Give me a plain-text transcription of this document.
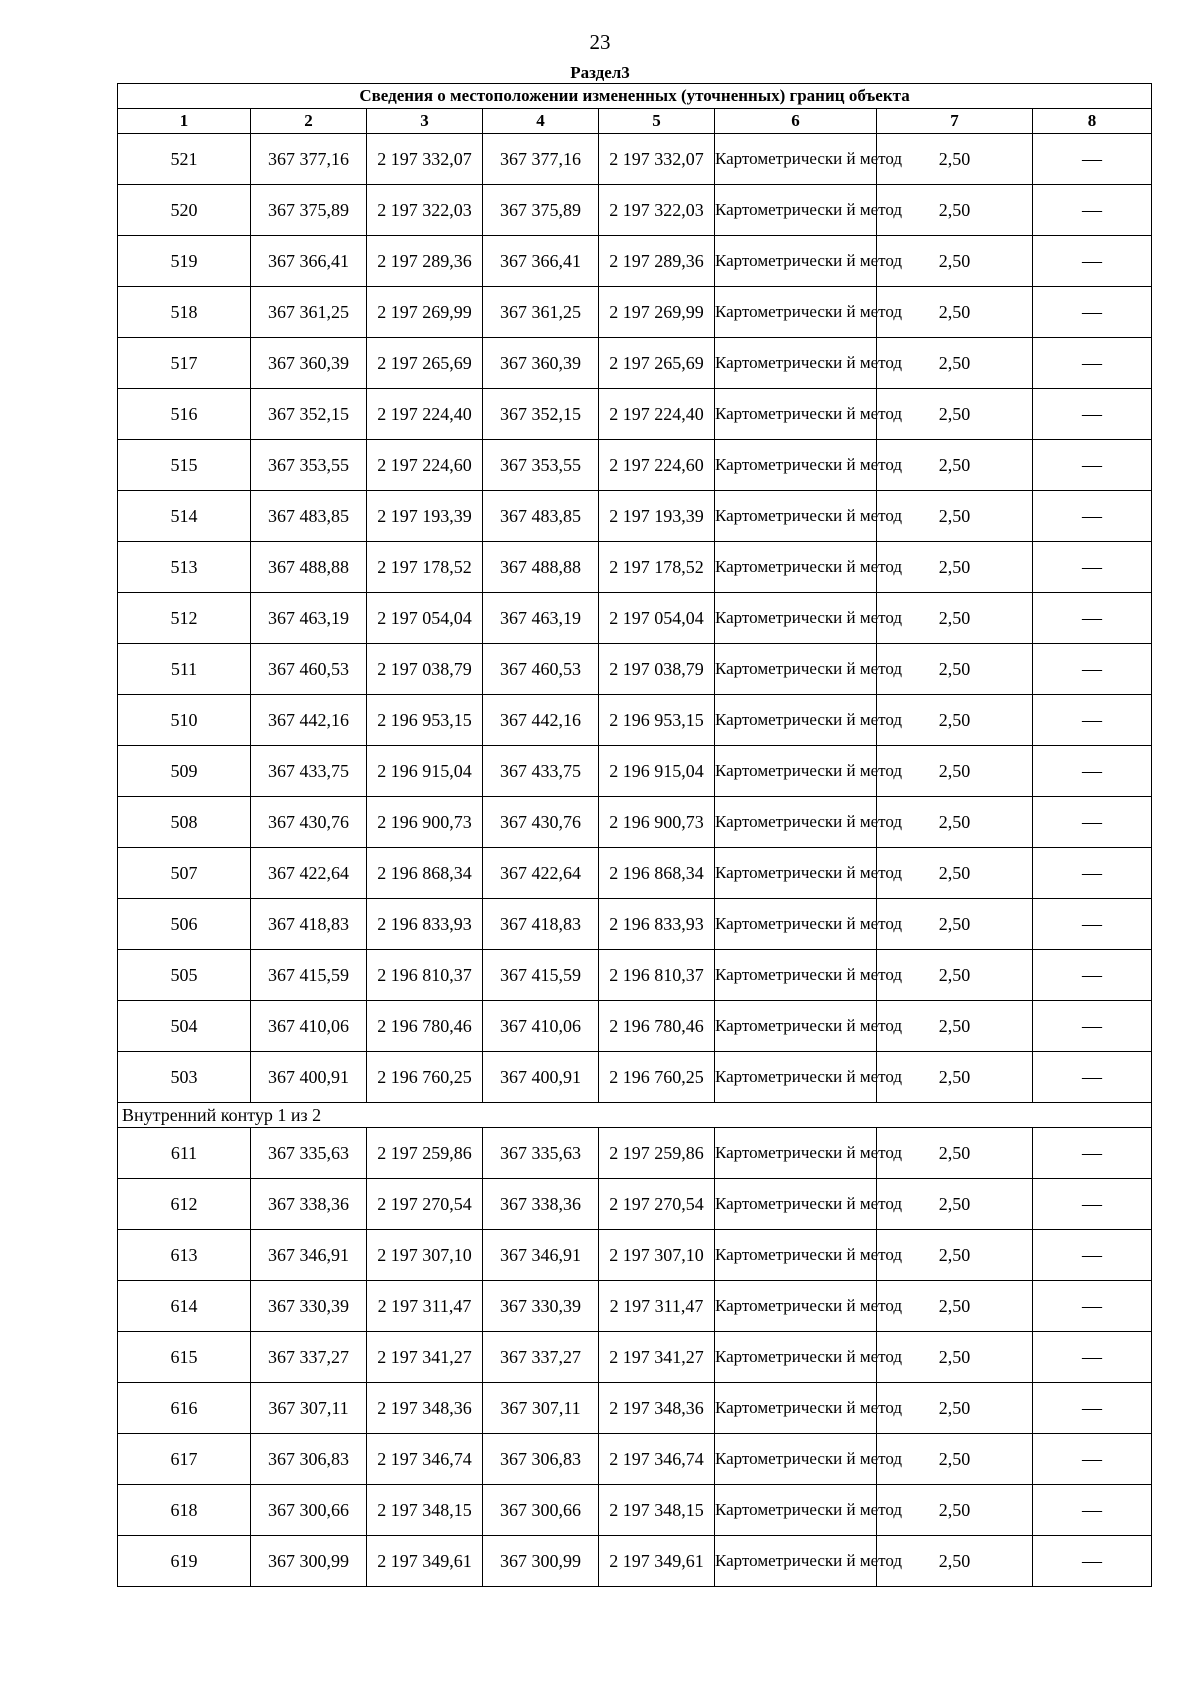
23
Раздел3
Сведения о местоположении измененных (уточненных) границ объекта							
1	2	3	4	5	6	7	8
521	367 377,16	2 197 332,07	367 377,16	2 197 332,07	Картометрически й метод	2,50	—
520	367 375,89	2 197 322,03	367 375,89	2 197 322,03	Картометрически й метод	2,50	—
519	367 366,41	2 197 289,36	367 366,41	2 197 289,36	Картометрически й метод	2,50	—
518	367 361,25	2 197 269,99	367 361,25	2 197 269,99	Картометрически й метод	2,50	—
517	367 360,39	2 197 265,69	367 360,39	2 197 265,69	Картометрически й метод	2,50	—
516	367 352,15	2 197 224,40	367 352,15	2 197 224,40	Картометрически й метод	2,50	—
515	367 353,55	2 197 224,60	367 353,55	2 197 224,60	Картометрически й метод	2,50	—
514	367 483,85	2 197 193,39	367 483,85	2 197 193,39	Картометрически й метод	2,50	—
513	367 488,88	2 197 178,52	367 488,88	2 197 178,52	Картометрически й метод	2,50	—
512	367 463,19	2 197 054,04	367 463,19	2 197 054,04	Картометрически й метод	2,50	—
511	367 460,53	2 197 038,79	367 460,53	2 197 038,79	Картометрически й метод	2,50	—
510	367 442,16	2 196 953,15	367 442,16	2 196 953,15	Картометрически й метод	2,50	—
509	367 433,75	2 196 915,04	367 433,75	2 196 915,04	Картометрически й метод	2,50	—
508	367 430,76	2 196 900,73	367 430,76	2 196 900,73	Картометрически й метод	2,50	—
507	367 422,64	2 196 868,34	367 422,64	2 196 868,34	Картометрически й метод	2,50	—
506	367 418,83	2 196 833,93	367 418,83	2 196 833,93	Картометрически й метод	2,50	—
505	367 415,59	2 196 810,37	367 415,59	2 196 810,37	Картометрически й метод	2,50	—
504	367 410,06	2 196 780,46	367 410,06	2 196 780,46	Картометрически й метод	2,50	—
503	367 400,91	2 196 760,25	367 400,91	2 196 760,25	Картометрически й метод	2,50	—
Внутренний контур 1 из 2							
611	367 335,63	2 197 259,86	367 335,63	2 197 259,86	Картометрически й метод	2,50	—
612	367 338,36	2 197 270,54	367 338,36	2 197 270,54	Картометрически й метод	2,50	—
613	367 346,91	2 197 307,10	367 346,91	2 197 307,10	Картометрически й метод	2,50	—
614	367 330,39	2 197 311,47	367 330,39	2 197 311,47	Картометрически й метод	2,50	—
615	367 337,27	2 197 341,27	367 337,27	2 197 341,27	Картометрически й метод	2,50	—
616	367 307,11	2 197 348,36	367 307,11	2 197 348,36	Картометрически й метод	2,50	—
617	367 306,83	2 197 346,74	367 306,83	2 197 346,74	Картометрически й метод	2,50	—
618	367 300,66	2 197 348,15	367 300,66	2 197 348,15	Картометрически й метод	2,50	—
619	367 300,99	2 197 349,61	367 300,99	2 197 349,61	Картометрически й метод	2,50	—
